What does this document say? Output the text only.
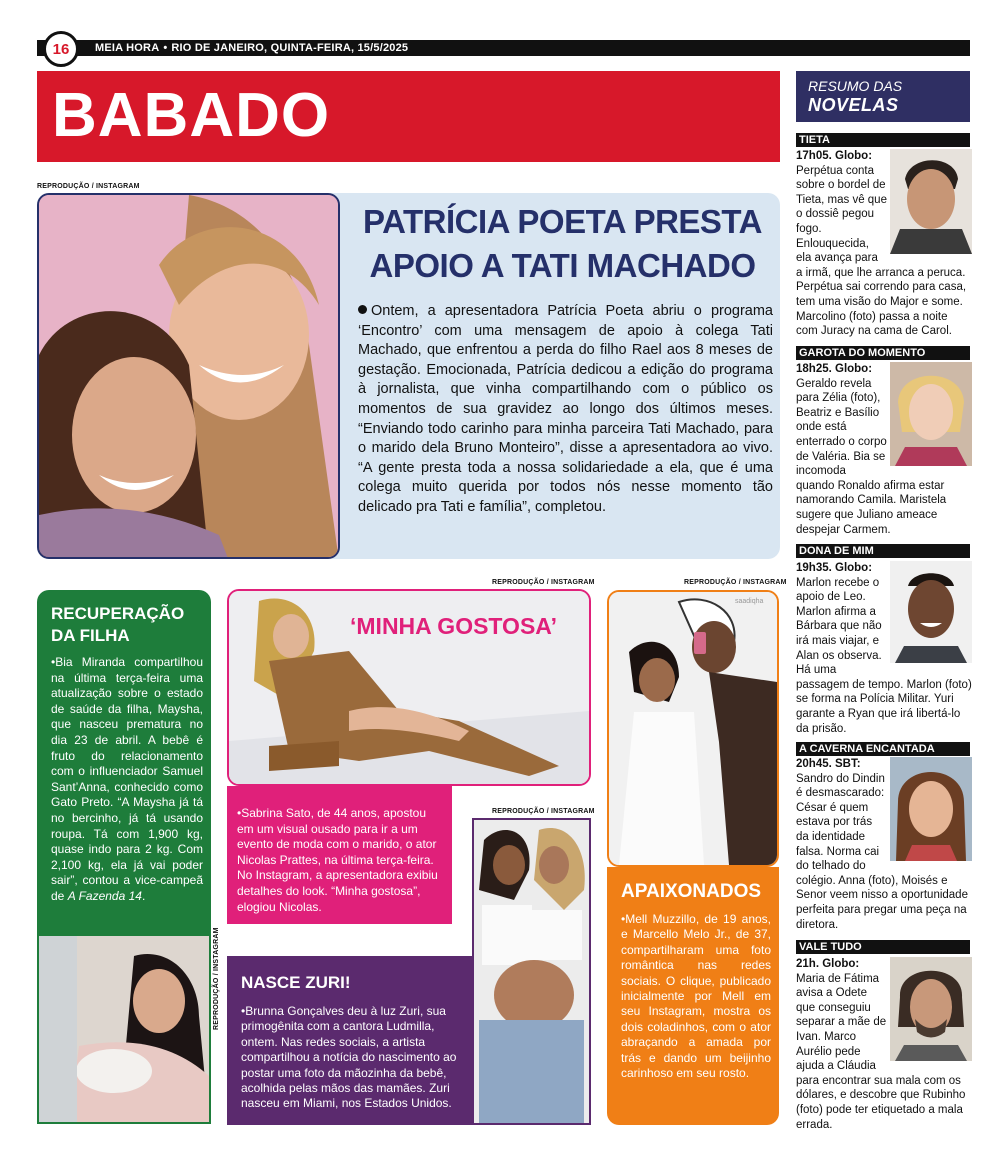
16	MEIA HORA • RIO DE JANEIRO, QUINTA-FEIRA, 15/5/2025
BABADO
REPRODUÇÃO / INSTAGRAM
PATRÍCIA POETA PRESTA
APOIO A TATI MACHADO
Ontem, a apresentadora Patrícia Poeta abriu o programa ‘Encontro’ com uma mensagem de apoio à colega Tati Machado, que enfrentou a perda do filho Rael aos 8 meses de gestação. Emocionada, Patrícia dedicou a edição do programa à jornalista, que vinha compartilhando com o público os momentos de sua gravidez ao longo dos últimos meses. “Enviando todo carinho para minha parceira Tati Machado, para o marido dela Bruno Monteiro”, disse a apresentadora ao vivo. “A gente presta toda a nossa solidariedade a ela, que é uma colega muito querida por todos nós nesse momento tão delicado pra Tati e família”, completou.
RECUPERAÇÃO DA FILHA
•Bia Miranda compartilhou na última terça-feira uma atualização sobre o estado de saúde da filha, Maysha, que nasceu prematura no dia 23 de abril. A bebê é fruto do relacionamento com o influenciador Samuel Sant’Anna, conhecido como Gato Preto. “A Maysha já tá no bercinho, já tá usando roupa. Tá com 1,900 kg, quase indo para 2 kg. Com 2,100 kg, ela já vai poder sair”, contou a vice-campeã de A Fazenda 14.
REPRODUÇÃO / INSTAGRAM
REPRODUÇÃO / INSTAGRAM
‘MINHA GOSTOSA’
•Sabrina Sato, de 44 anos, apostou em um visual ousado para ir a um evento de moda com o marido, o ator Nicolas Prattes, na última terça-feira. No Instagram, a apresentadora exibiu detalhes do look. “Minha gostosa”, elogiou Nicolas.
REPRODUÇÃO / INSTAGRAM
NASCE ZURI!
•Brunna Gonçalves deu à luz Zuri, sua primogênita com a cantora Ludmilla, ontem. Nas redes sociais, a artista compartilhou a notícia do nascimento ao postar uma foto da mãozinha da bebê, acolhida pelas mãos das mamães. Zuri nasceu em Miami, nos Estados Unidos.
REPRODUÇÃO / INSTAGRAM
saadiqha
APAIXONADOS
•Mell Muzzillo, de 19 anos, e Marcello Melo Jr., de 37, compartilharam uma foto romântica nas redes sociais. O clique, publicado inicialmente por Mell em seu Instagram, mostra os dois coladinhos, com o ator abraçando a amada por trás e dando um beijinho carinhoso em seu rosto.
RESUMO DAS
NOVELAS
TIETA
17h05. Globo: Perpétua conta sobre o bordel de Tieta, mas vê que o dossiê pegou fogo. Enlouquecida, ela avança para a irmã, que lhe arranca a peruca. Perpétua sai correndo para casa, tem uma visão do Major e some. Marcolino (foto) passa a noite com Juracy na cama de Carol.
GAROTA DO MOMENTO
18h25. Globo: Geraldo revela para Zélia (foto), Beatriz e Basílio onde está enterrado o corpo de Valéria. Bia se incomoda quando Ronaldo afirma estar namorando Camila. Maristela sugere que Juliano ameace despejar Carmem.
DONA DE MIM
19h35. Globo: Marlon recebe o apoio de Leo. Marlon afirma a Bárbara que não irá mais viajar, e Alan os observa. Há uma passagem de tempo. Marlon (foto) se forma na Polícia Militar. Yuri garante a Ryan que irá libertá-lo da prisão.
A CAVERNA ENCANTADA
20h45. SBT: Sandro do Dindin é desmascarado: César é quem estava por trás da identidade falsa. Norma cai do telhado do colégio. Anna (foto), Moisés e Senor veem nisso a oportunidade perfeita para pregar uma peça na diretora.
VALE TUDO
21h. Globo: Maria de Fátima avisa a Odete que conseguiu separar a mãe de Ivan. Marco Aurélio pede ajuda a Cláudia para encontrar sua mala com os dólares, e descobre que Rubinho (foto) pode ter etiquetado a mala errada.
